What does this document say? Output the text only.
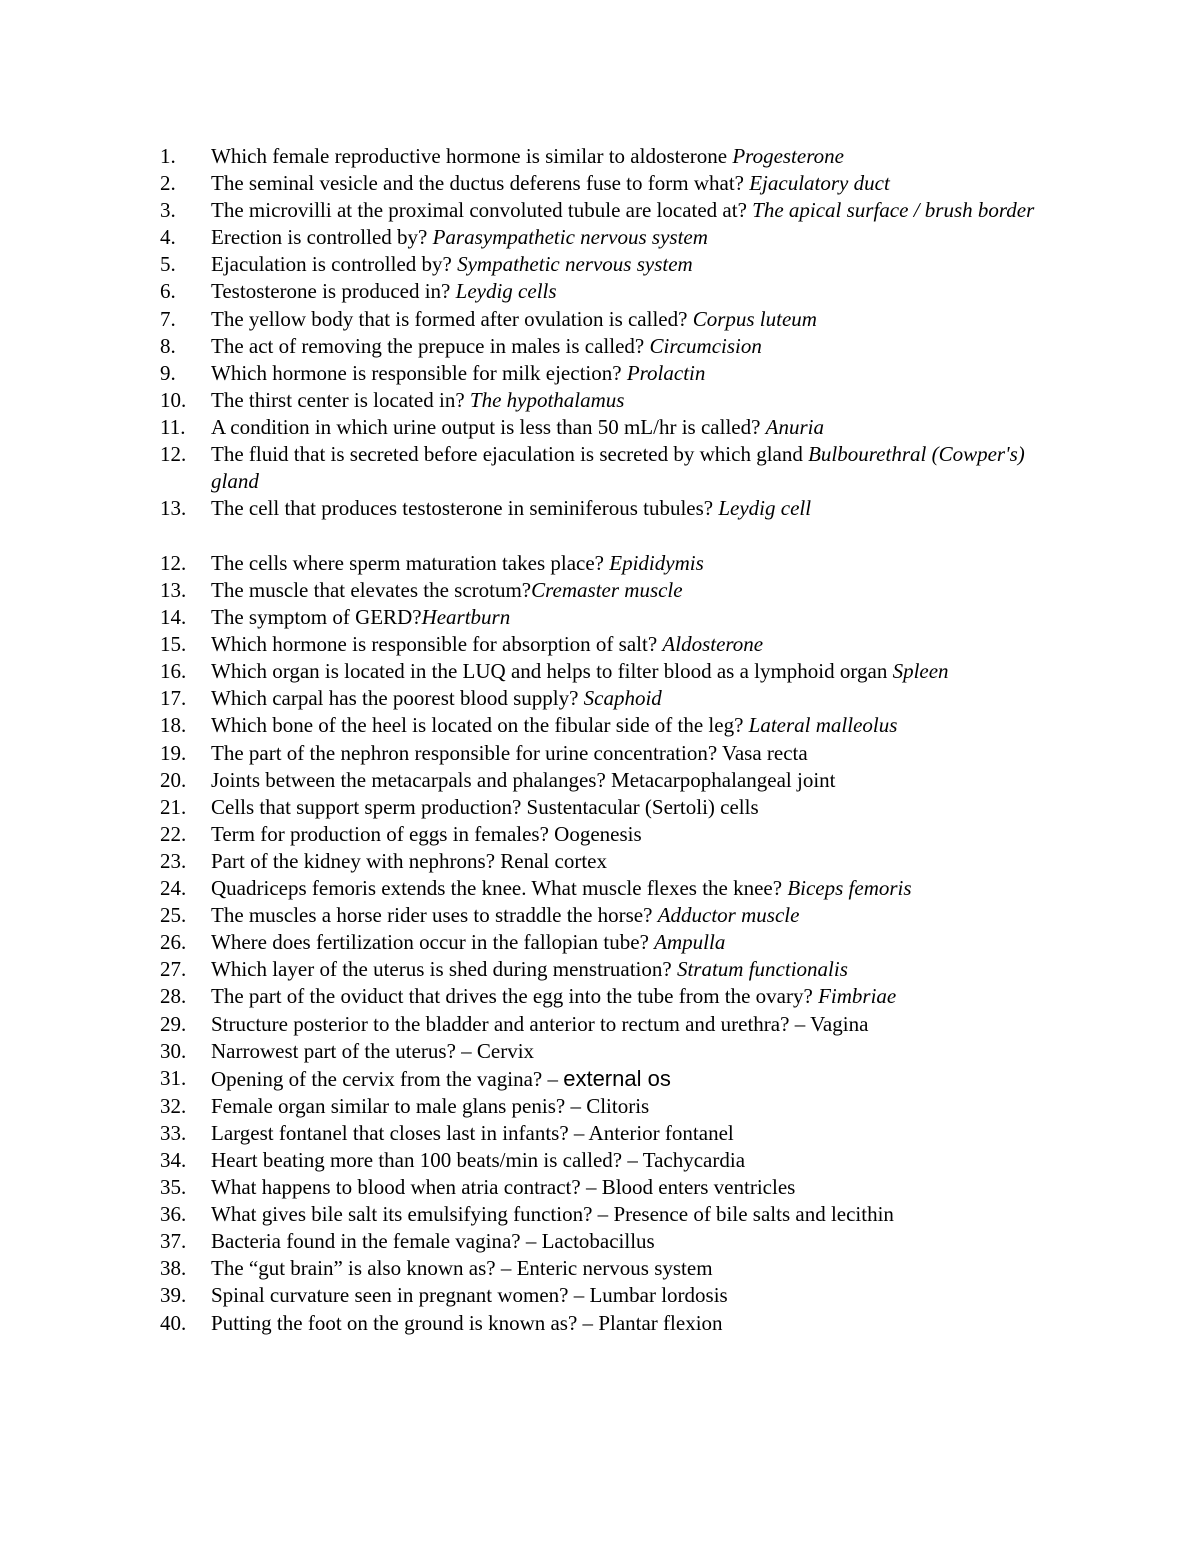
1.	Which female reproductive hormone is similar to aldosterone Progesterone
2.	The seminal vesicle and the ductus deferens fuse to form what? Ejaculatory duct
3.	The microvilli at the proximal convoluted tubule are located at? The apical surface / brush border
4.	Erection is controlled by? Parasympathetic nervous system
5.	Ejaculation is controlled by? Sympathetic nervous system
6.	Testosterone is produced in? Leydig cells
7.	The yellow body that is formed after ovulation is called? Corpus luteum
8.	The act of removing the prepuce in males is called? Circumcision
9.	Which hormone is responsible for milk ejection? Prolactin
10.	The thirst center is located in? The hypothalamus
11.	A condition in which urine output is less than 50 mL/hr is called? Anuria
12.	The fluid that is secreted before ejaculation is secreted by which gland Bulbourethral (Cowper's) gland
13.	The cell that produces testosterone in seminiferous tubules? Leydig cell
12.	The cells where sperm maturation takes place? Epididymis
13.	The muscle that elevates the scrotum?Cremaster muscle
14.	The symptom of GERD?Heartburn
15.	Which hormone is responsible for absorption of salt? Aldosterone
16.	Which organ is located in the LUQ and helps to filter blood as a lymphoid organ Spleen
17.	Which carpal has the poorest blood supply? Scaphoid
18.	Which bone of the heel is located on the fibular side of the leg? Lateral malleolus
19.	The part of the nephron responsible for urine concentration? Vasa recta
20.	Joints between the metacarpals and phalanges? Metacarpophalangeal joint
21.	Cells that support sperm production? Sustentacular (Sertoli) cells
22.	Term for production of eggs in females? Oogenesis
23.	Part of the kidney with nephrons? Renal cortex
24.	Quadriceps femoris extends the knee. What muscle flexes the knee? Biceps femoris
25.	The muscles a horse rider uses to straddle the horse? Adductor muscle
26.	Where does fertilization occur in the fallopian tube? Ampulla
27.	Which layer of the uterus is shed during menstruation? Stratum functionalis
28.	The part of the oviduct that drives the egg into the tube from the ovary? Fimbriae
29.	Structure posterior to the bladder and anterior to rectum and urethra? – Vagina
30.	Narrowest part of the uterus? – Cervix
31.	Opening of the cervix from the vagina? – external os
32.	Female organ similar to male glans penis? – Clitoris
33.	Largest fontanel that closes last in infants? – Anterior fontanel
34.	Heart beating more than 100 beats/min is called? – Tachycardia
35.	What happens to blood when atria contract? – Blood enters ventricles
36.	What gives bile salt its emulsifying function? – Presence of bile salts and lecithin
37.	Bacteria found in the female vagina? – Lactobacillus
38.	The “gut brain” is also known as? – Enteric nervous system
39.	Spinal curvature seen in pregnant women? – Lumbar lordosis
40.	Putting the foot on the ground is known as? – Plantar flexion
